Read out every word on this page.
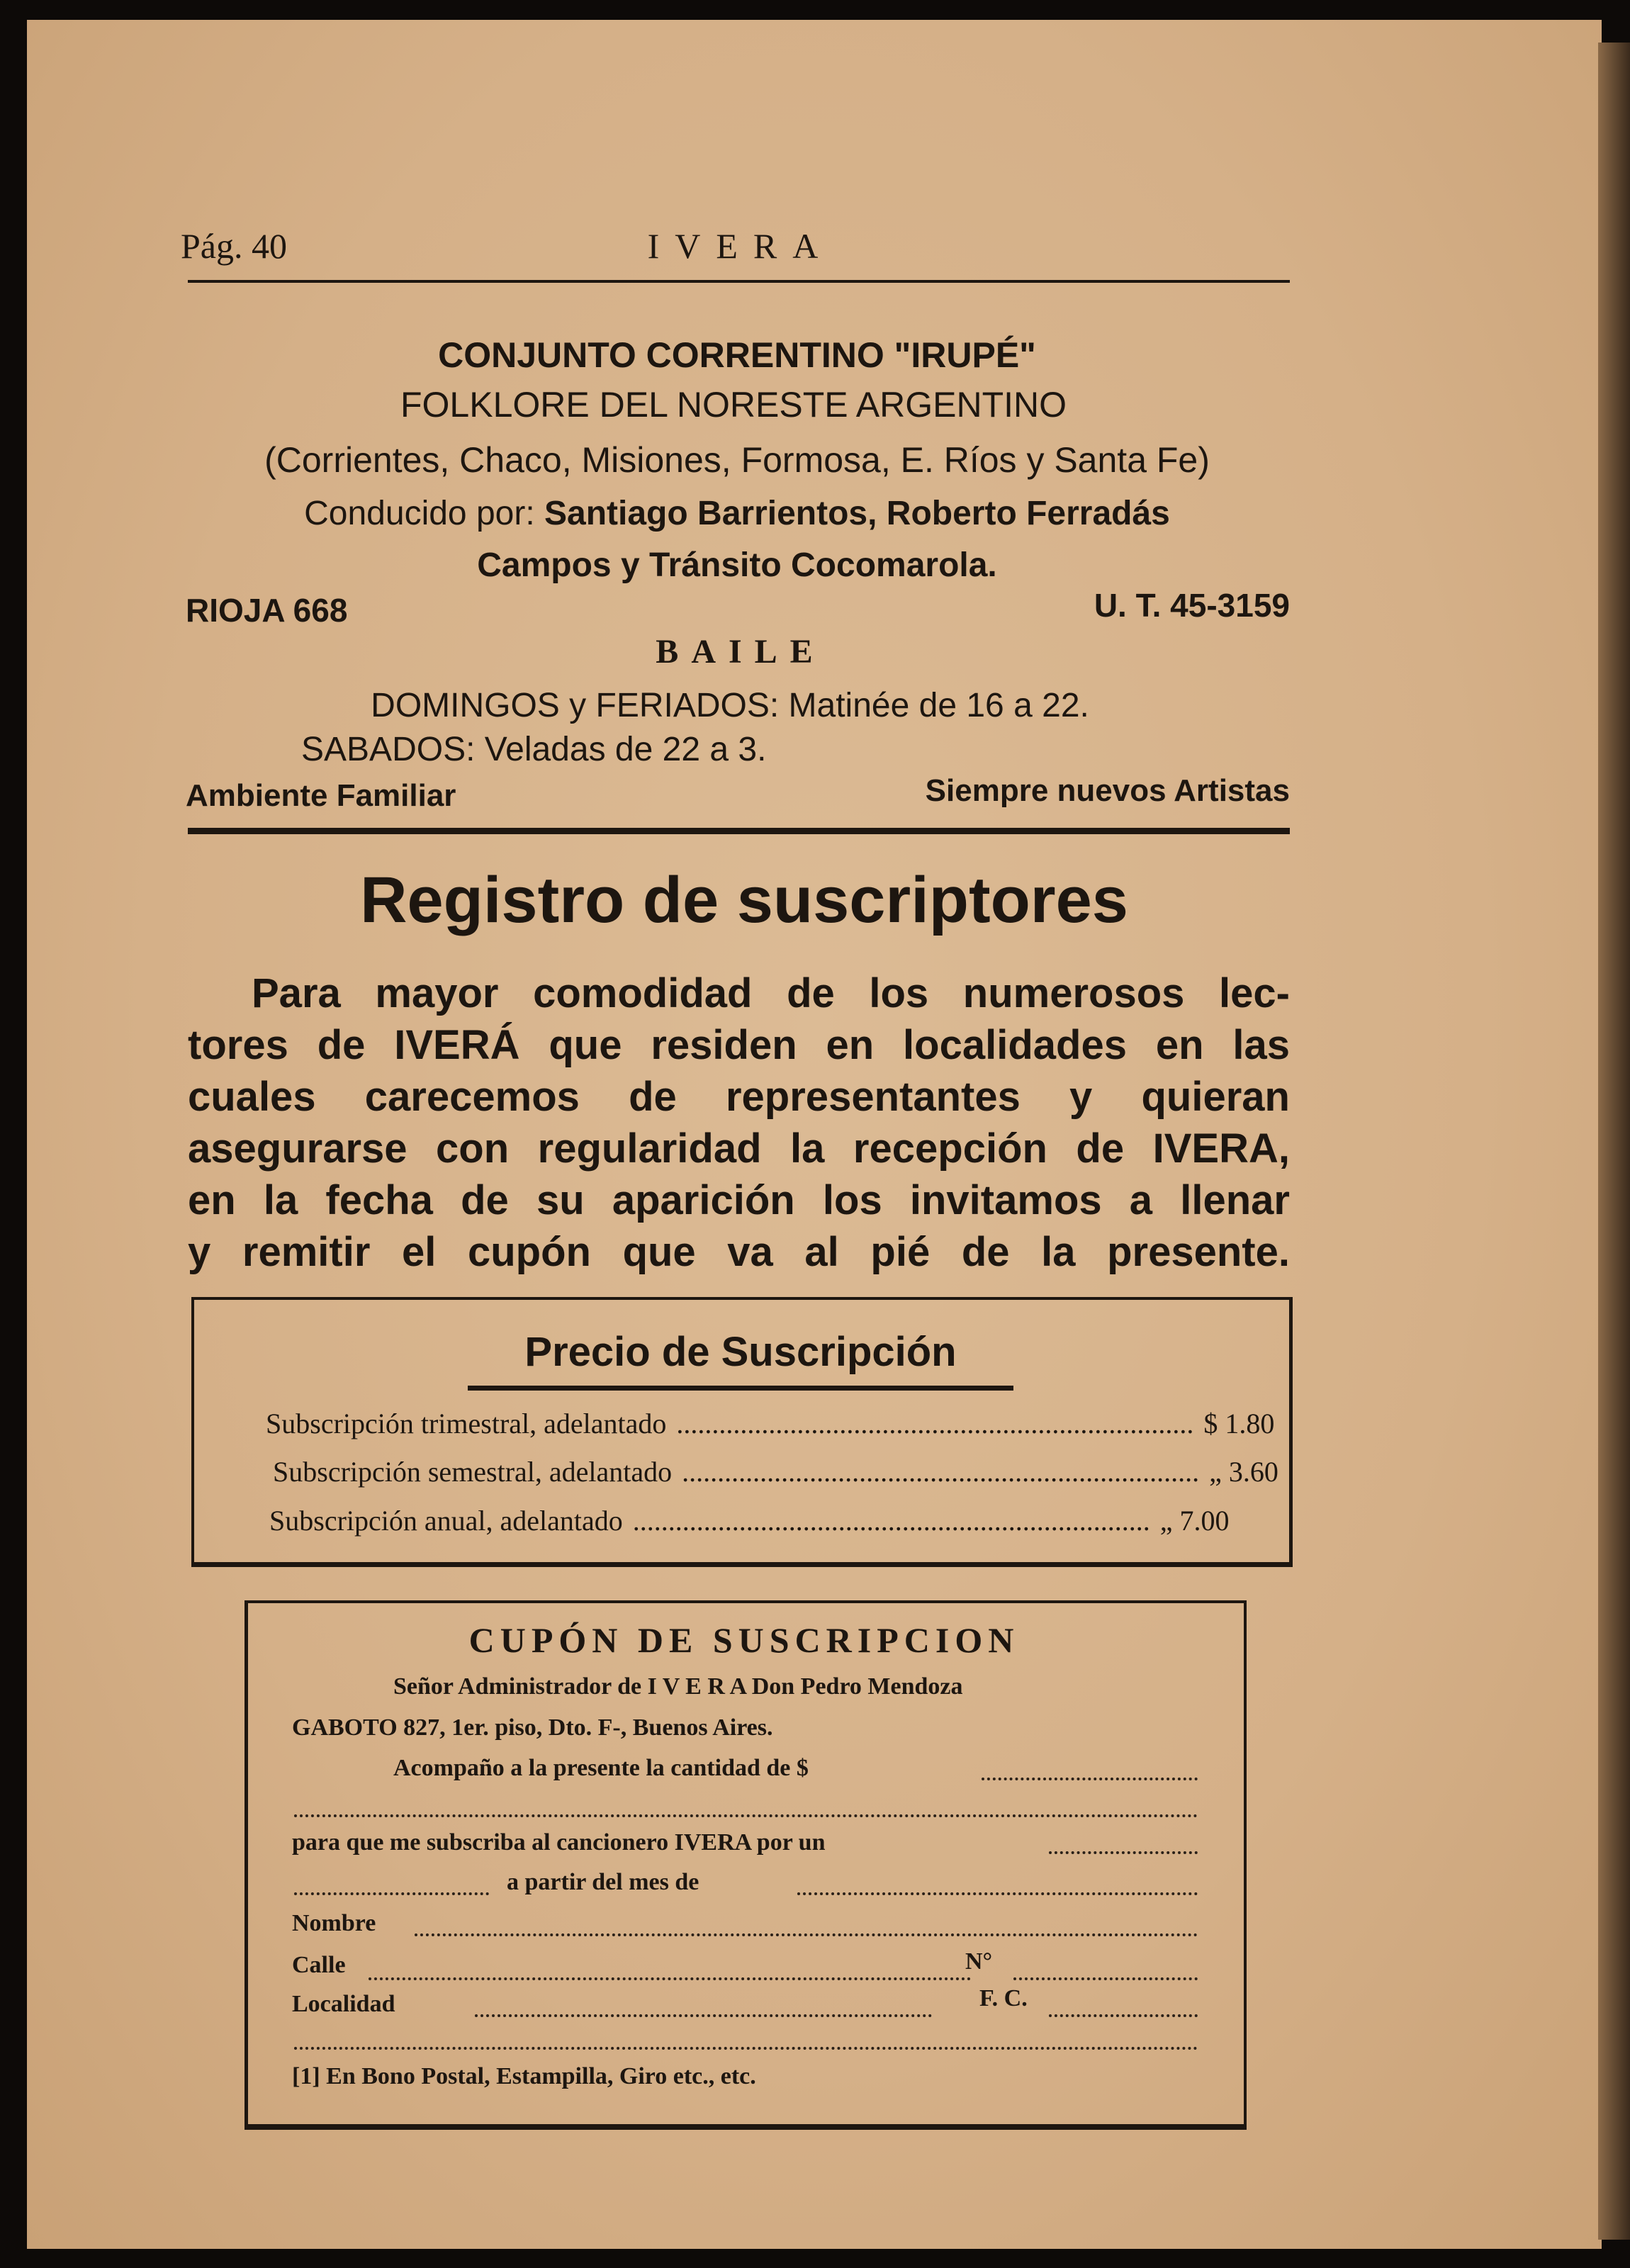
Pág. 40	IVERA
CONJUNTO CORRENTINO "IRUPÉ"
FOLKLORE DEL NORESTE ARGENTINO
(Corrientes, Chaco, Misiones, Formosa, E. Ríos y Santa Fe)
Conducido por: Santiago Barrientos, Roberto Ferradás
Campos y Tránsito Cocomarola.
RIOJA 668	U. T. 45-3159
BAILE
DOMINGOS y FERIADOS: Matinée de 16 a 22.
SABADOS: Veladas de 22 a 3.
Ambiente Familiar	Siempre nuevos Artistas
Registro de suscriptores
Para mayor comodidad de los numerosos lec-
tores de IVERÁ que residen en localidades en las
cuales carecemos de representantes y quieran
asegurarse con regularidad la recepción de IVERA,
en la fecha de su aparición los invitamos a llenar
y remitir el cupón que va al pié de la presente.
Precio de Suscripción
Subscripción trimestral, adelantado ......................................................................... $ 1.80
Subscripción semestral, adelantado ......................................................................... „ 3.60
Subscripción anual, adelantado ......................................................................... „ 7.00
CUPÓN DE SUSCRIPCION
Señor Administrador de I V E R A Don Pedro Mendoza
GABOTO 827, 1er. piso, Dto. F-, Buenos Aires.
Acompaño a la presente la cantidad de $
para que me subscriba al cancionero IVERA por un
a partir del mes de
Nombre
Calle	N°
Localidad	F. C.
[1] En Bono Postal, Estampilla, Giro etc., etc.
